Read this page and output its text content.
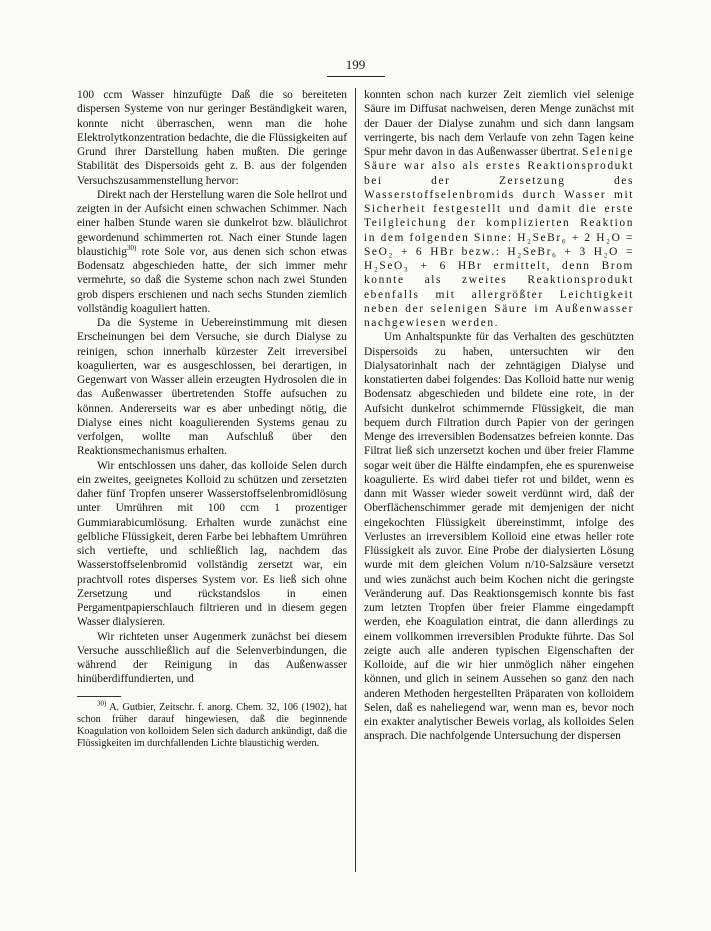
199

100 ccm Wasser hinzufügte Daß die so bereiteten dispersen Systeme von nur geringer Beständigkeit waren, konnte nicht überraschen, wenn man die hohe Elektrolytkonzentration bedachte, die die Flüssigkeiten auf Grund ihrer Darstellung haben mußten. Die geringe Stabilität des Dispersoids geht z. B. aus der folgenden Versuchszusammenstellung hervor:

Direkt nach der Herstellung waren die Sole hellrot und zeigten in der Aufsicht einen schwachen Schimmer. Nach einer halben Stunde waren sie dunkelrot bzw. bläulichrot gewordenund schimmerten rot. Nach einer Stunde lagen blaustichig$^{30)}$ rote Sole vor, aus denen sich schon etwas Bodensatz abgeschieden hatte, der sich immer mehr vermehrte, so daß die Systeme schon nach zwei Stunden grob dispers erschienen und nach sechs Stunden ziemlich vollständig koaguliert hatten.

Da die Systeme in Uebereinstimmung mit diesen Erscheinungen bei dem Versuche, sie durch Dialyse zu reinigen, schon innerhalb kürzester Zeit irreversibel koagulierten, war es ausgeschlossen, bei derartigen, in Gegenwart von Wasser allein erzeugten Hydrosolen die in das Außenwasser übertretenden Stoffe aufsuchen zu können. Andererseits war es aber unbedingt nötig, die Dialyse eines nicht koagulierenden Systems genau zu verfolgen, wollte man Aufschluß über den Reaktionsmechanismus erhalten.

Wir entschlossen uns daher, das kolloide Selen durch ein zweites, geeignetes Kolloid zu schützen und zersetzten daher fünf Tropfen unserer Wasserstoffselenbromidlösung unter Umrühren mit 100 ccm 1 prozentiger Gummiarabicumlösung. Erhalten wurde zunächst eine gelbliche Flüssigkeit, deren Farbe bei lebhaftem Umrühren sich vertiefte, und schließlich lag, nachdem das Wasserstoffselenbromid vollständig zersetzt war, ein prachtvoll rotes disperses System vor. Es ließ sich ohne Zersetzung und rückstandslos in einen Pergamentpapierschlauch filtrieren und in diesem gegen Wasser dialysieren.

Wir richteten unser Augenmerk zunächst bei diesem Versuche ausschließlich auf die Selenverbindungen, die während der Reinigung in das Außenwasser hinüberdiffundierten, und

$^{30)}$ A. Gutbier, Zeitschr. f. anorg. Chem. 32, 106 (1902), hat schon früher darauf hingewiesen, daß die beginnende Koagulation von kolloidem Selen sich dadurch ankündigt, daß die Flüssigkeiten im durchfallenden Lichte blaustichig werden.

konnten schon nach kurzer Zeit ziemlich viel selenige Säure im Diffusat nachweisen, deren Menge zunächst mit der Dauer der Dialyse zunahm und sich dann langsam verringerte, bis nach dem Verlaufe von zehn Tagen keine Spur mehr davon in das Außenwasser übertrat. Selenige Säure war also als erstes Reaktionsprodukt bei der Zersetzung des Wasserstoffselenbromids durch Wasser mit Sicherheit festgestellt und damit die erste Teilgleichung der komplizierten Reaktion in dem folgenden Sinne: H₂SeBr₆ + 2 H₂O = SeO₂ + 6 HBr bezw.: H₂SeBr₆ + 3 H₂O = H₂SeO₃ + 6 HBr ermittelt, denn Brom konnte als zweites Reaktionsprodukt ebenfalls mit allergrößter Leichtigkeit neben der selenigen Säure im Außenwasser nachgewiesen werden.

Um Anhaltspunkte für das Verhalten des geschützten Dispersoids zu haben, untersuchten wir den Dialysatorinhalt nach der zehntägigen Dialyse und konstatierten dabei folgendes: Das Kolloid hatte nur wenig Bodensatz abgeschieden und bildete eine rote, in der Aufsicht dunkelrot schimmernde Flüssigkeit, die man bequem durch Filtration durch Papier von der geringen Menge des irreversiblen Bodensatzes befreien konnte. Das Filtrat ließ sich unzersetzt kochen und über freier Flamme sogar weit über die Hälfte eindampfen, ehe es spurenweise koagulierte. Es wird dabei tiefer rot und bildet, wenn es dann mit Wasser wieder soweit verdünnt wird, daß der Oberflächenschimmer gerade mit demjenigen der nicht eingekochten Flüssigkeit übereinstimmt, infolge des Verlustes an irreversiblem Kolloid eine etwas heller rote Flüssigkeit als zuvor. Eine Probe der dialysierten Lösung wurde mit dem gleichen Volum n/10-Salzsäure versetzt und wies zunächst auch beim Kochen nicht die geringste Veränderung auf. Das Reaktionsgemisch konnte bis fast zum letzten Tropfen über freier Flamme eingedampft werden, ehe Koagulation eintrat, die dann allerdings zu einem vollkommen irreversiblen Produkte führte. Das Sol zeigte auch alle anderen typischen Eigenschaften der Kolloide, auf die wir hier unmöglich näher eingehen können, und glich in seinem Aussehen so ganz den nach anderen Methoden hergestellten Präparaten von kolloidem Selen, daß es naheliegend war, wenn man es, bevor noch ein exakter analytischer Beweis vorlag, als kolloides Selen ansprach. Die nachfolgende Untersuchung der dispersen
